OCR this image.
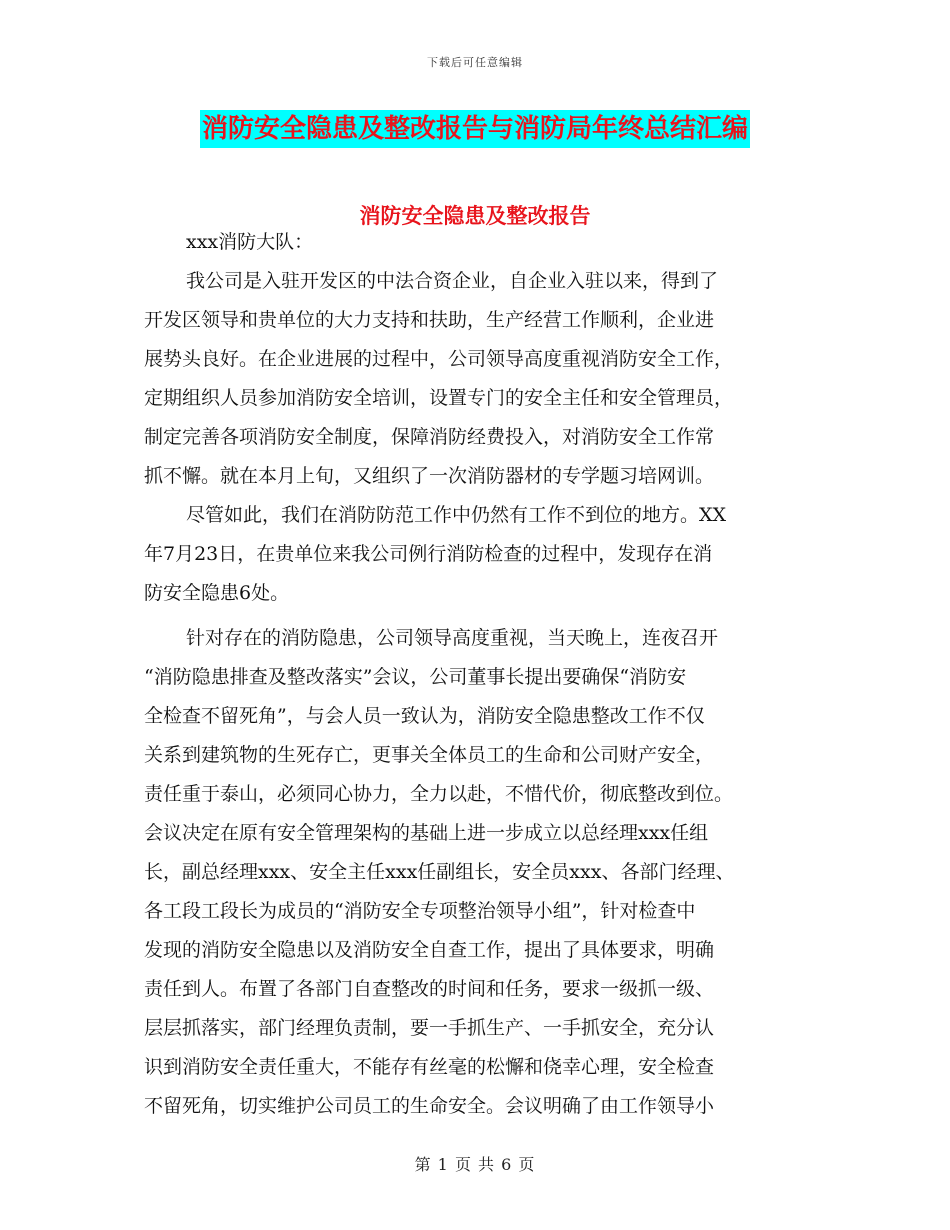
下载后可任意编辑
消防安全隐患及整改报告与消防局年终总结汇编
消防安全隐患及整改报告
xxx消防大队：
我公司是入驻开发区的中法合资企业，自企业入驻以来，得到了
开发区领导和贵单位的大力支持和扶助，生产经营工作顺利，企业进
展势头良好。在企业进展的过程中，公司领导高度重视消防安全工作，
定期组织人员参加消防安全培训，设置专门的安全主任和安全管理员，
制定完善各项消防安全制度，保障消防经费投入，对消防安全工作常
抓不懈。就在本月上旬，又组织了一次消防器材的专学题习培网训。
尽管如此，我们在消防防范工作中仍然有工作不到位的地方。XX
年7月23日，在贵单位来我公司例行消防检查的过程中，发现存在消
防安全隐患6处。
针对存在的消防隐患，公司领导高度重视，当天晚上，连夜召开
“消防隐患排查及整改落实”会议，公司董事长提出要确保“消防安
全检查不留死角”，与会人员一致认为，消防安全隐患整改工作不仅
关系到建筑物的生死存亡，更事关全体员工的生命和公司财产安全，
责任重于泰山，必须同心协力，全力以赴，不惜代价，彻底整改到位。
会议决定在原有安全管理架构的基础上进一步成立以总经理xxx任组
长，副总经理xxx、安全主任xxx任副组长，安全员xxx、各部门经理、
各工段工段长为成员的“消防安全专项整治领导小组”，针对检查中
发现的消防安全隐患以及消防安全自查工作，提出了具体要求，明确
责任到人。布置了各部门自查整改的时间和任务，要求一级抓一级、
层层抓落实，部门经理负责制，要一手抓生产、一手抓安全，充分认
识到消防安全责任重大，不能存有丝毫的松懈和侥幸心理，安全检查
不留死角，切实维护公司员工的生命安全。会议明确了由工作领导小
第 1 页 共 6 页
